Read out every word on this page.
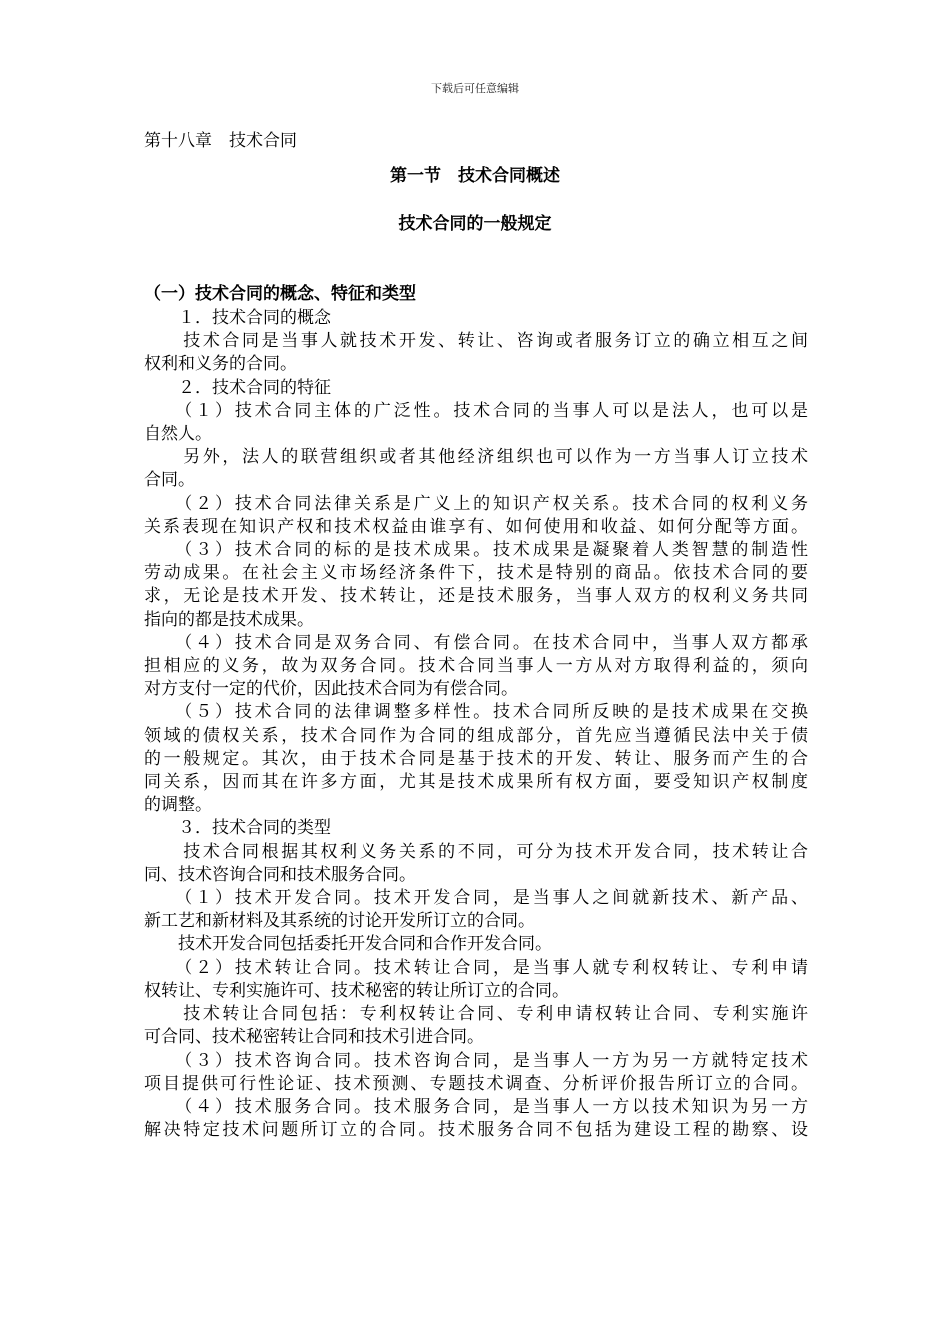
下载后可任意编辑
第十八章　技术合同
第一节　技术合同概述
技术合同的一般规定

（一）技术合同的概念、特征和类型

　　１．技术合同的概念

　　技术合同是当事人就技术开发、转让、咨询或者服务订立的确立相互之间

权利和义务的合同。

　　２．技术合同的特征

　　（１）技术合同主体的广泛性。技术合同的当事人可以是法人，也可以是

自然人。

　　另外，法人的联营组织或者其他经济组织也可以作为一方当事人订立技术

合同。

　　（２）技术合同法律关系是广义上的知识产权关系。技术合同的权利义务

关系表现在知识产权和技术权益由谁享有、如何使用和收益、如何分配等方面。

　　（３）技术合同的标的是技术成果。技术成果是凝聚着人类智慧的制造性

劳动成果。在社会主义市场经济条件下，技术是特别的商品。依技术合同的要

求，无论是技术开发、技术转让，还是技术服务，当事人双方的权利义务共同

指向的都是技术成果。

　　（４）技术合同是双务合同、有偿合同。在技术合同中，当事人双方都承

担相应的义务，故为双务合同。技术合同当事人一方从对方取得利益的，须向

对方支付一定的代价，因此技术合同为有偿合同。

　　（５）技术合同的法律调整多样性。技术合同所反映的是技术成果在交换

领域的债权关系，技术合同作为合同的组成部分，首先应当遵循民法中关于债

的一般规定。其次，由于技术合同是基于技术的开发、转让、服务而产生的合

同关系，因而其在许多方面，尤其是技术成果所有权方面，要受知识产权制度

的调整。

　　３．技术合同的类型

　　技术合同根据其权利义务关系的不同，可分为技术开发合同，技术转让合

同、技术咨询合同和技术服务合同。

　　（１）技术开发合同。技术开发合同，是当事人之间就新技术、新产品、

新工艺和新材料及其系统的讨论开发所订立的合同。

　　技术开发合同包括委托开发合同和合作开发合同。

　　（２）技术转让合同。技术转让合同，是当事人就专利权转让、专利申请

权转让、专利实施许可、技术秘密的转让所订立的合同。

　　技术转让合同包括：专利权转让合同、专利申请权转让合同、专利实施许

可合同、技术秘密转让合同和技术引进合同。

　　（３）技术咨询合同。技术咨询合同，是当事人一方为另一方就特定技术

项目提供可行性论证、技术预测、专题技术调查、分析评价报告所订立的合同。

　　（４）技术服务合同。技术服务合同，是当事人一方以技术知识为另一方

解决特定技术问题所订立的合同。技术服务合同不包括为建设工程的勘察、设
